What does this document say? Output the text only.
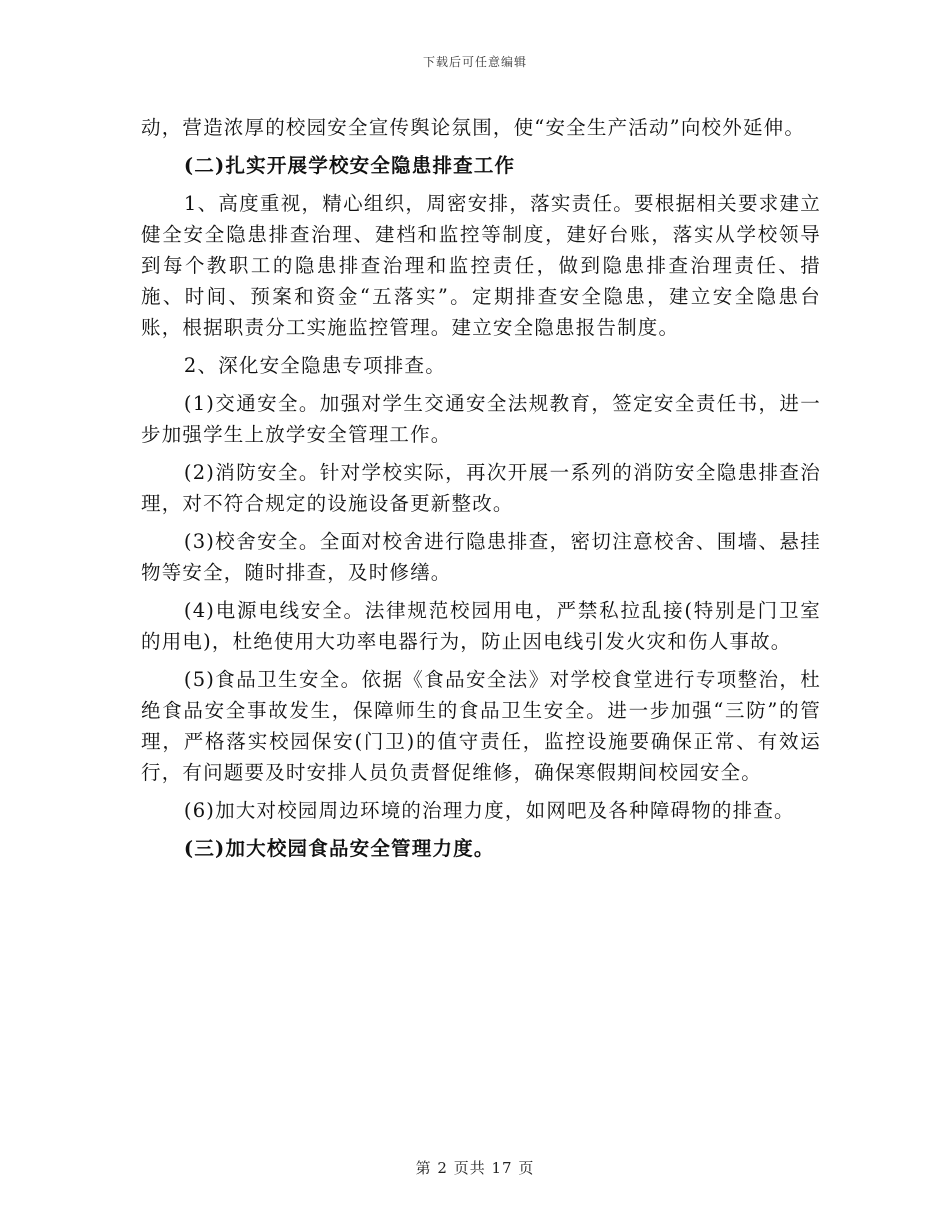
下载后可任意编辑

动，营造浓厚的校园安全宣传舆论氛围，使“安全生产活动”向校外延伸。

(二)扎实开展学校安全隐患排查工作

1、高度重视，精心组织，周密安排，落实责任。要根据相关要求建立健全安全隐患排查治理、建档和监控等制度，建好台账，落实从学校领导到每个教职工的隐患排查治理和监控责任，做到隐患排查治理责任、措施、时间、预案和资金“五落实”。定期排查安全隐患，建立安全隐患台账，根据职责分工实施监控管理。建立安全隐患报告制度。

2、深化安全隐患专项排查。

(1)交通安全。加强对学生交通安全法规教育，签定安全责任书，进一步加强学生上放学安全管理工作。

(2)消防安全。针对学校实际，再次开展一系列的消防安全隐患排查治理，对不符合规定的设施设备更新整改。

(3)校舍安全。全面对校舍进行隐患排查，密切注意校舍、围墙、悬挂物等安全，随时排查，及时修缮。

(4)电源电线安全。法律规范校园用电，严禁私拉乱接(特别是门卫室的用电)，杜绝使用大功率电器行为，防止因电线引发火灾和伤人事故。

(5)食品卫生安全。依据《食品安全法》对学校食堂进行专项整治，杜绝食品安全事故发生，保障师生的食品卫生安全。进一步加强“三防”的管理，严格落实校园保安(门卫)的值守责任，监控设施要确保正常、有效运行，有问题要及时安排人员负责督促维修，确保寒假期间校园安全。

(6)加大对校园周边环境的治理力度，如网吧及各种障碍物的排查。

(三)加大校园食品安全管理力度。

第 2 页共 17 页
